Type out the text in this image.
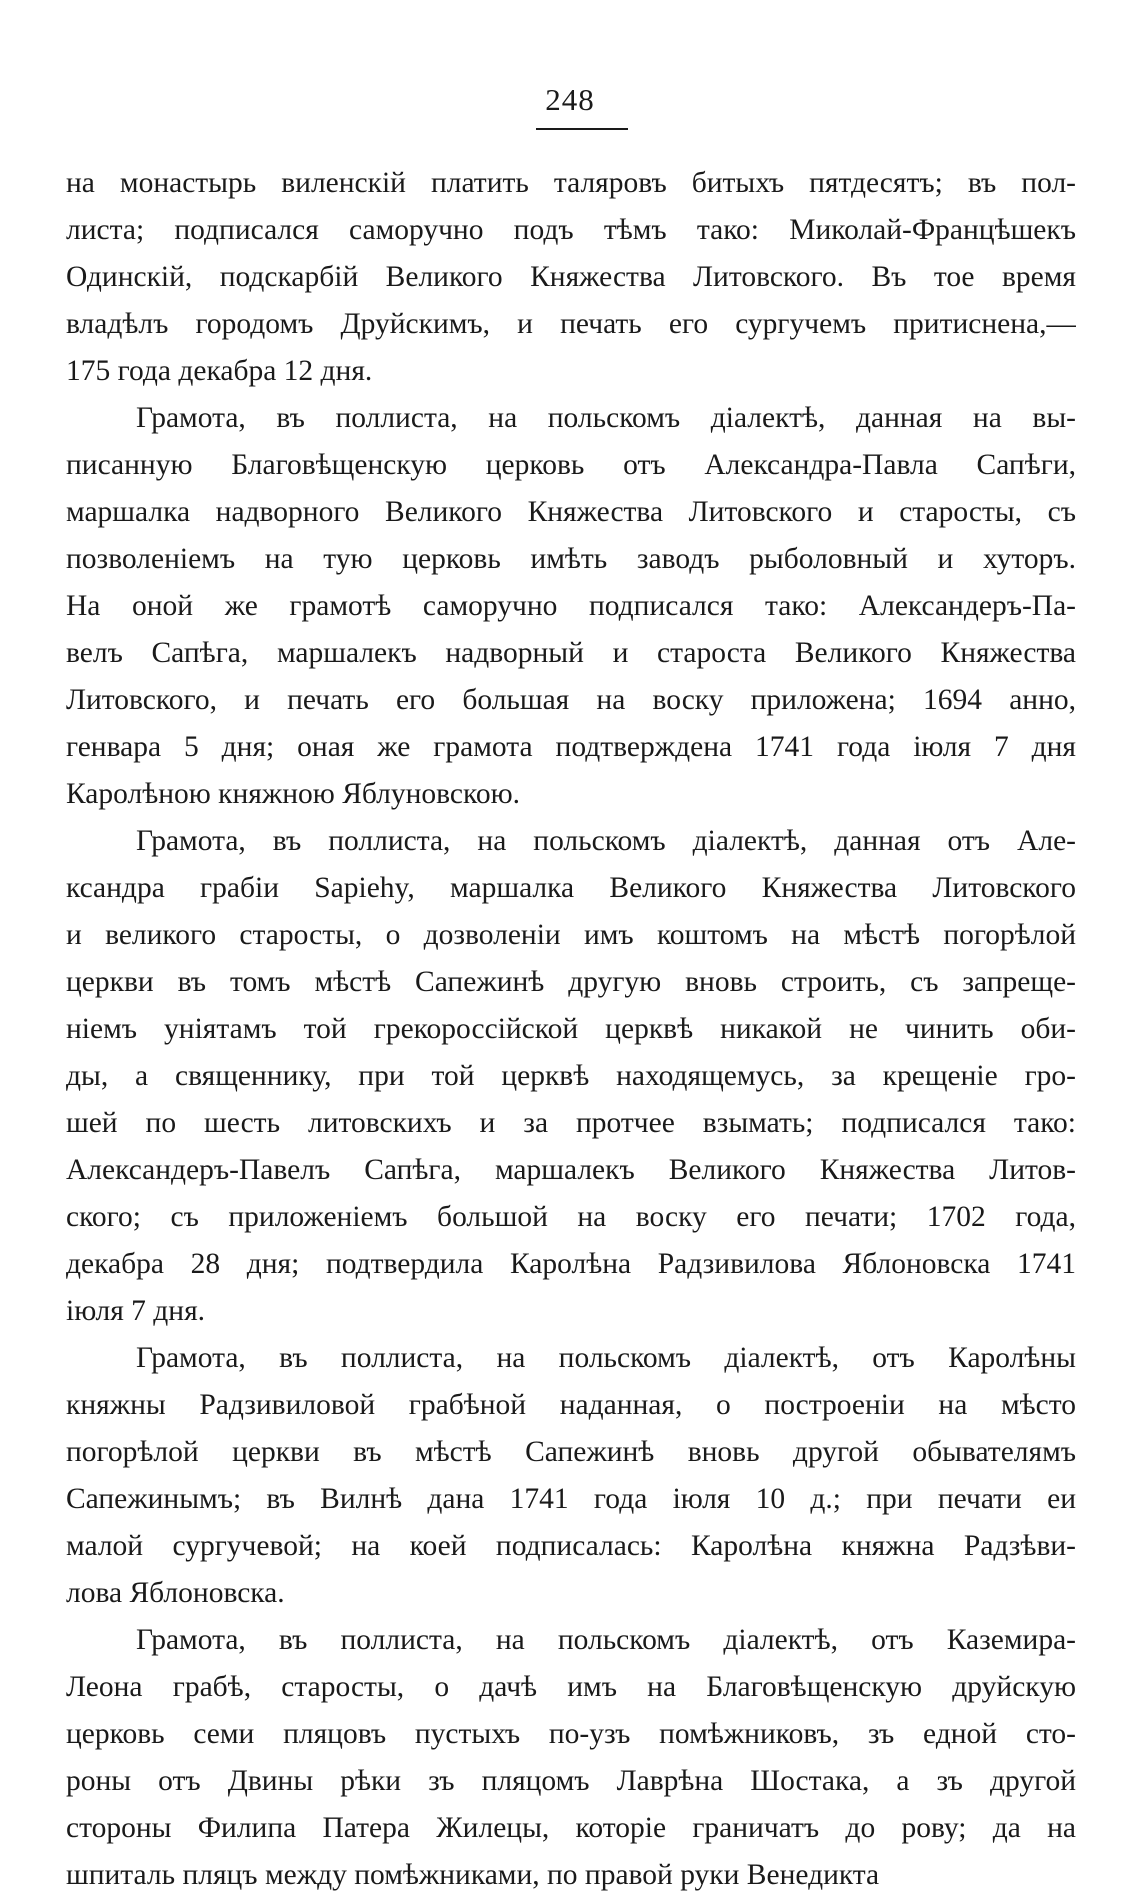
248
на монастырь виленскій платить таляровъ битыхъ пятдесятъ; въ пол-
листа; подписался саморучно подъ тѣмъ тако: Миколай-Францѣшекъ
Одинскій, подскарбій Великого Княжества Литовского. Въ тое время
владѣлъ городомъ Друйскимъ, и печать его сургучемъ притиснена,—
175 года декабра 12 дня.
Грамота, въ поллиста, на польскомъ діалектѣ, данная на вы-
писанную Благовѣщенскую церковь отъ Александра-Павла Сапѣги,
маршалка надворного Великого Княжества Литовского и старосты, съ
позволеніемъ на тую церковь имѣть заводъ рыболовный и хуторъ.
На оной же грамотѣ саморучно подписался тако: Александеръ-Па-
велъ Сапѣга, маршалекъ надворный и староста Великого Княжества
Литовского, и печать его большая на воску приложена; 1694 анно,
генвара 5 дня; оная же грамота подтверждена 1741 года іюля 7 дня
Каролѣною княжною Яблуновскою.
Грамота, въ поллиста, на польскомъ діалектѣ, данная отъ Але-
ксандра грабіи Sapieһy, маршалка Великого Княжества Литовского
и великого старосты, о дозволеніи имъ коштомъ на мѣстѣ погорѣлой
церкви въ томъ мѣстѣ Сапежинѣ другую вновь строить, съ запреще-
ніемъ уніятамъ той грекороссійской церквѣ никакой не чинить оби-
ды, а священнику, при той церквѣ находящемусь, за крещеніе гро-
шей по шесть литовскихъ и за протчее взымать; подписался тако:
Александеръ-Павелъ Сапѣга, маршалекъ Великого Княжества Литов-
ского; съ приложеніемъ большой на воску его печати; 1702 года,
декабра 28 дня; подтвердила Каролѣна Радзивилова Яблоновска 1741
іюля 7 дня.
Грамота, въ поллиста, на польскомъ діалектѣ, отъ Каролѣны
княжны Радзивиловой грабѣной наданная, о построеніи на мѣсто
погорѣлой церкви въ мѣстѣ Сапежинѣ вновь другой обывателямъ
Сапежинымъ; въ Вилнѣ дана 1741 года іюля 10 д.; при печати еи
малой сургучевой; на коей подписалась: Каролѣна княжна Радзѣви-
лова Яблоновска.
Грамота, въ поллиста, на польскомъ діалектѣ, отъ Каземира-
Леона грабѣ, старосты, о дачѣ имъ на Благовѣщенскую друйскую
церковь семи пляцовъ пустыхъ по-узъ помѣжниковъ, зъ едной сто-
роны отъ Двины рѣки зъ пляцомъ Лаврѣна Шостака, а зъ другой
стороны Филипа Патера Жилецы, которіе граничатъ до рову; да на
шпиталь пляцъ между помѣжниками, по правой руки Венедикта
